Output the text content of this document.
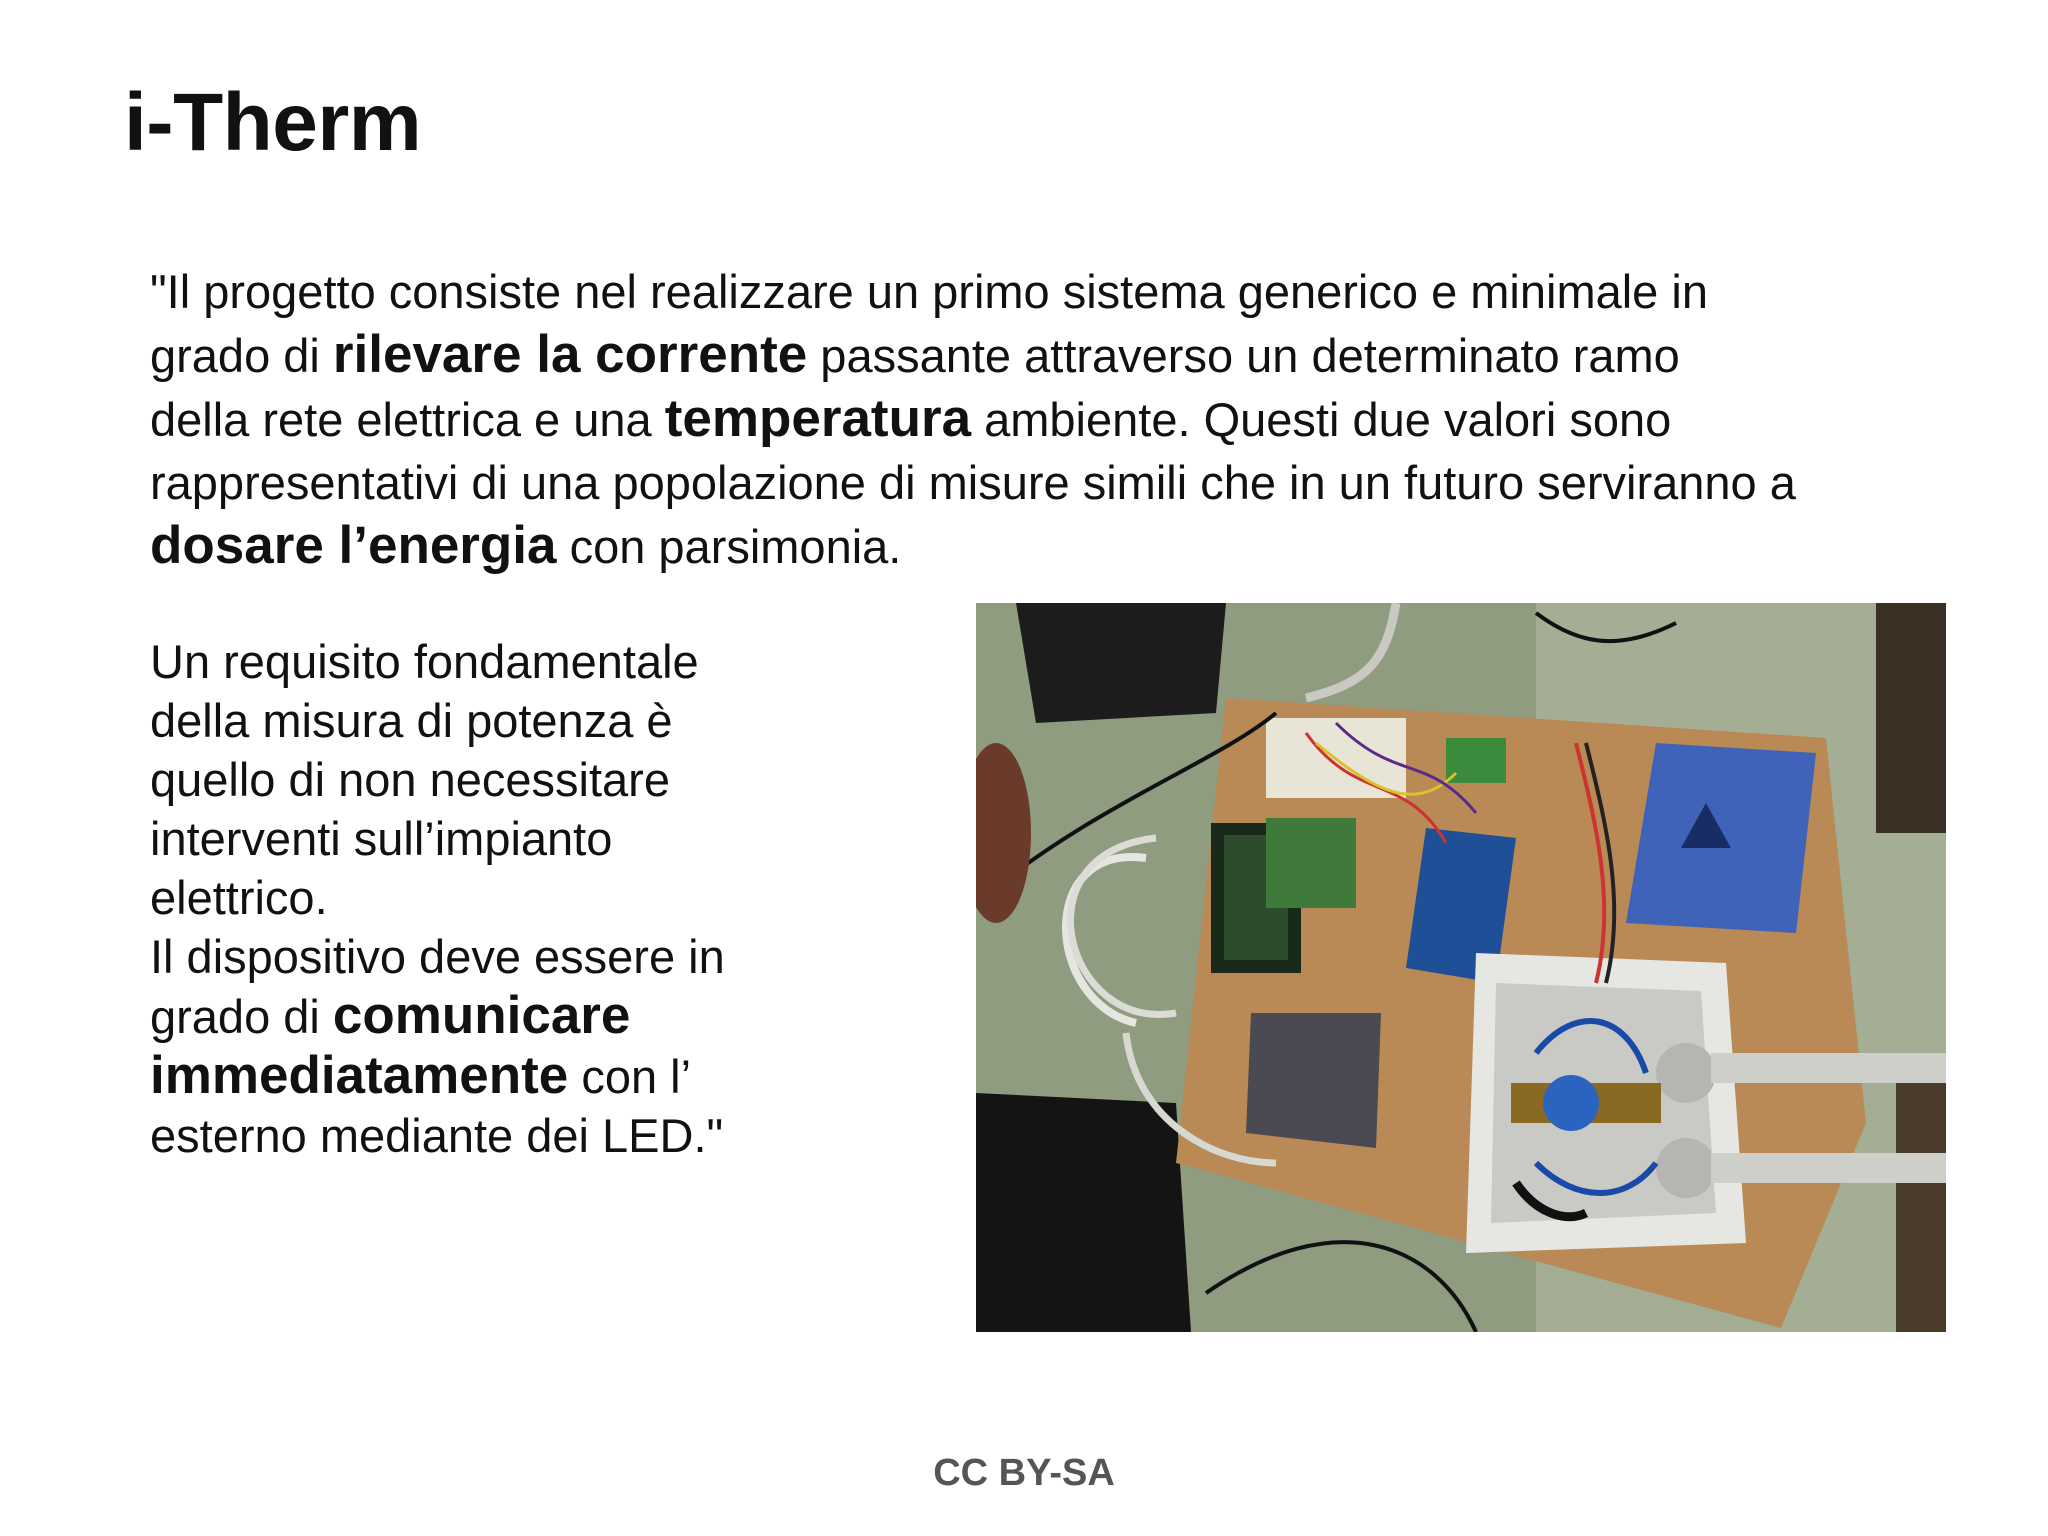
i-Therm

"Il progetto consiste nel realizzare un primo sistema generico e minimale in
grado di rilevare la corrente passante attraverso un determinato ramo
della rete elettrica e una temperatura ambiente. Questi due valori sono
rappresentativi di una popolazione di misure simili che in un futuro serviranno a
dosare l’energia con parsimonia.

Un requisito fondamentale
della misura di potenza è
quello di non necessitare
interventi sull’impianto
elettrico.
Il dispositivo deve essere in
grado di comunicare
immediatamente con l’
esterno mediante dei LED."

CC BY-SA
